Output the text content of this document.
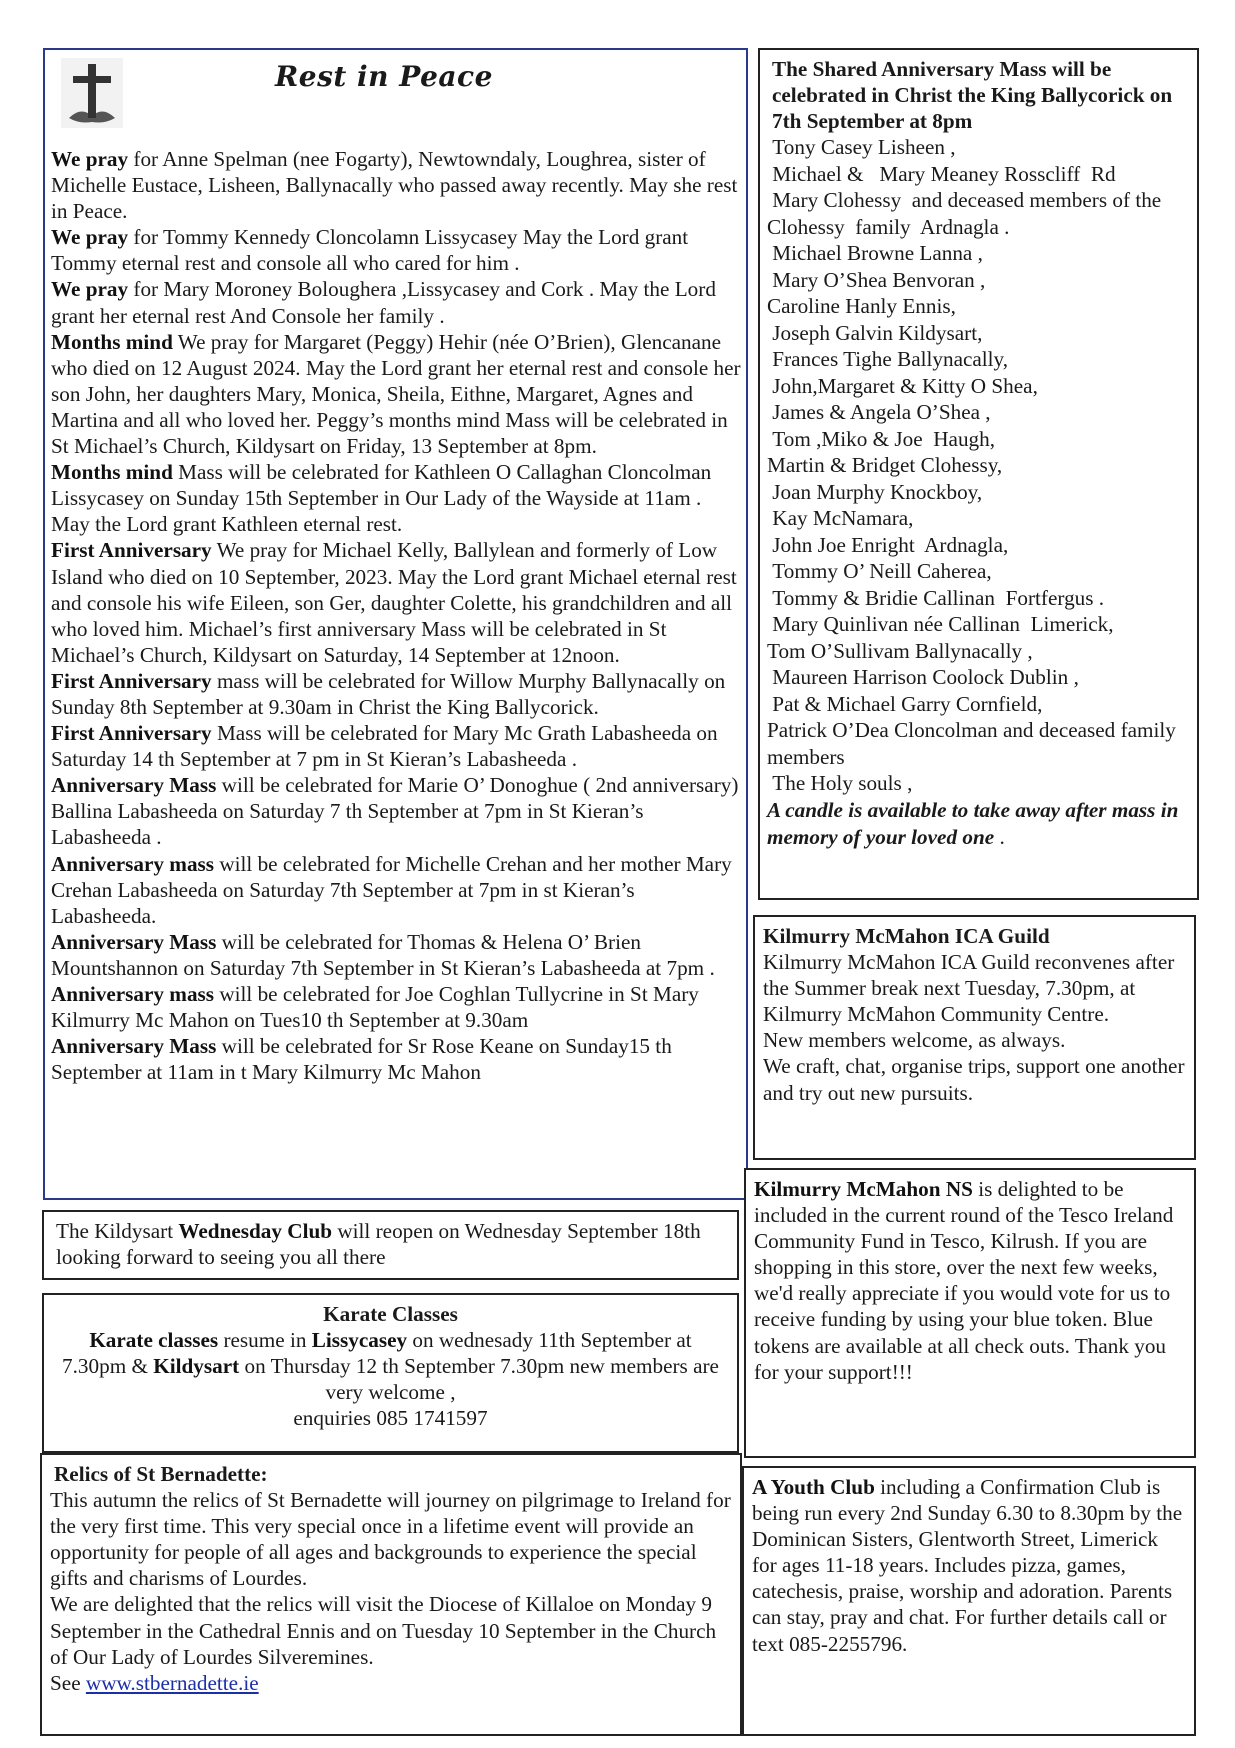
Rest in Peace

We pray for Anne Spelman (nee Fogarty), Newtowndaly, Loughrea, sister of Michelle Eustace, Lisheen, Ballynacally who passed away recently. May she rest in Peace.
We pray for Tommy Kennedy Cloncolamn Lissycasey May the Lord grant Tommy eternal rest and console all who cared for him .
We pray for Mary Moroney Boloughera ,Lissycasey and Cork . May the Lord grant her eternal rest And Console her family .
Months mind We pray for Margaret (Peggy) Hehir (née O’Brien), Glencanane who died on 12 August 2024. May the Lord grant her eternal rest and console her son John, her daughters Mary, Monica, Sheila, Eithne, Margaret, Agnes and Martina and all who loved her. Peggy’s months mind Mass will be celebrated in St Michael’s Church, Kildysart on Friday, 13 September at 8pm.
Months mind Mass will be celebrated for Kathleen O Callaghan Cloncolman Lissycasey on Sunday 15th September in Our Lady of the Wayside at 11am . May the Lord grant Kathleen eternal rest.
First Anniversary We pray for Michael Kelly, Ballylean and formerly of Low Island who died on 10 September, 2023. May the Lord grant Michael eternal rest and console his wife Eileen, son Ger, daughter Colette, his grandchildren and all who loved him. Michael’s first anniversary Mass will be celebrated in St Michael’s Church, Kildysart on Saturday, 14 September at 12noon.
First Anniversary mass will be celebrated for Willow Murphy Ballynacally on Sunday 8th September at 9.30am in Christ the King Ballycorick.
First Anniversary Mass will be celebrated for Mary Mc Grath Labasheeda on Saturday 14 th September at 7 pm in St Kieran’s Labasheeda .
Anniversary Mass will be celebrated for Marie O’ Donoghue ( 2nd anniversary) Ballina Labasheeda on Saturday 7 th September at 7pm in St Kieran’s Labasheeda .
Anniversary mass will be celebrated for Michelle Crehan and her mother Mary Crehan Labasheeda on Saturday 7th September at 7pm in st Kieran’s Labasheeda.
Anniversary Mass will be celebrated for Thomas & Helena O’ Brien Mountshannon on Saturday 7th September in St Kieran’s Labasheeda at 7pm .
Anniversary mass will be celebrated for Joe Coghlan Tullycrine in St Mary Kilmurry Mc Mahon on Tues10 th September at 9.30am
Anniversary Mass will be celebrated for Sr Rose Keane on Sunday15 th September at 11am in t Mary Kilmurry Mc Mahon

The Shared Anniversary Mass will be celebrated in Christ the King Ballycorick on 7th September at 8pm
Tony Casey Lisheen ,
Michael &   Mary Meaney Rosscliff  Rd
Mary Clohessy  and deceased members of the Clohessy  family  Ardnagla .
Michael Browne Lanna ,
Mary O’Shea Benvoran ,
Caroline Hanly Ennis,
Joseph Galvin Kildysart,
Frances Tighe Ballynacally,
John,Margaret & Kitty O Shea,
James & Angela O’Shea ,
Tom ,Miko & Joe  Haugh,
Martin & Bridget Clohessy,
Joan Murphy Knockboy,
Kay McNamara,
John Joe Enright  Ardnagla,
Tommy O’ Neill Caherea,
Tommy & Bridie Callinan  Fortfergus .
Mary Quinlivan née Callinan  Limerick,
Tom O’Sullivam Ballynacally ,
Maureen Harrison Coolock Dublin ,
Pat & Michael Garry Cornfield,
Patrick O’Dea Cloncolman and deceased family members
The Holy souls ,
A candle is available to take away after mass in memory of your loved one .
Kilmurry McMahon ICA Guild
Kilmurry McMahon ICA Guild reconvenes after the Summer break next Tuesday, 7.30pm, at Kilmurry McMahon Community Centre.
New members welcome, as always.
We craft, chat, organise trips, support one another and try out new pursuits.

The Kildysart Wednesday Club will reopen on Wednesday September 18th looking forward to seeing you all there

Karate Classes

Karate classes resume in Lissycasey on wednesady 11th September at 7.30pm & Kildysart on Thursday 12 th September 7.30pm new members are very welcome ,

enquiries 085 1741597

Kilmurry McMahon NS is delighted to be included in the current round of the Tesco Ireland Community Fund in Tesco, Kilrush. If you are shopping in this store, over the next few weeks, we'd really appreciate if you would vote for us to receive funding by using your blue token. Blue tokens are available at all check outs. Thank you for your support!!!

Relics of St Bernadette:
This autumn the relics of St Bernadette will journey on pilgrimage to Ireland for the very first time. This very special once in a lifetime event will provide an opportunity for people of all ages and backgrounds to experience the special gifts and charisms of Lourdes.
We are delighted that the relics will visit the Diocese of Killaloe on Monday 9 September in the Cathedral Ennis and on Tuesday 10 September in the Church of Our Lady of Lourdes Silveremines.
See www.stbernadette.ie

A Youth Club including a Confirmation Club is being run every 2nd Sunday 6.30 to 8.30pm by the Dominican Sisters, Glentworth Street, Limerick for ages 11-18 years. Includes pizza, games, catechesis, praise, worship and adoration. Parents can stay, pray and chat. For further details call or text 085-2255796.
